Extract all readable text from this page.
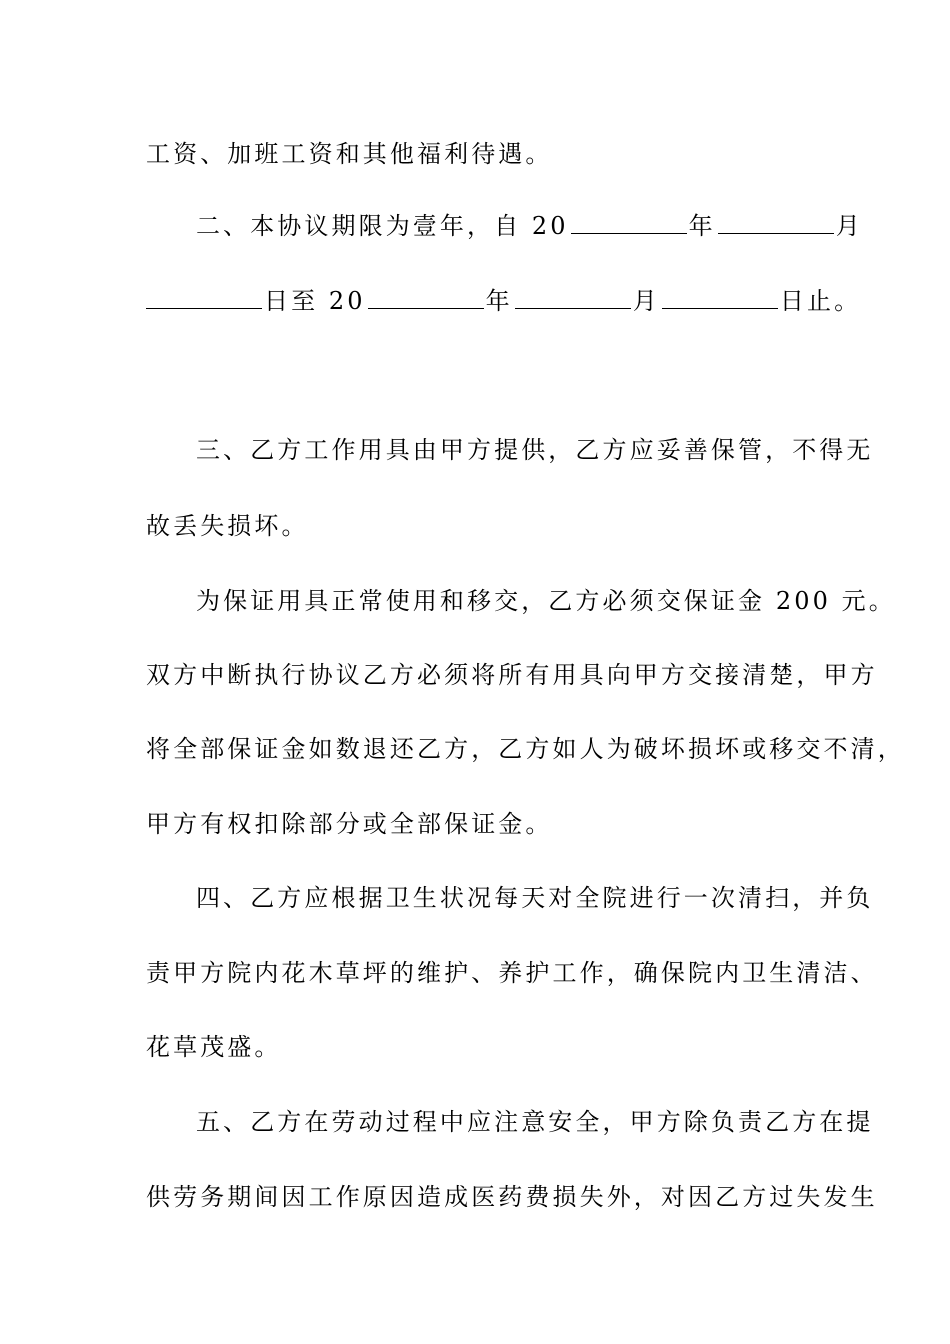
工资、加班工资和其他福利待遇。
二、本协议期限为壹年，自 20	年	月
日至 20	年	月	日止。
三、乙方工作用具由甲方提供，乙方应妥善保管，不得无
故丢失损坏。
为保证用具正常使用和移交，乙方必须交保证金 200 元。
双方中断执行协议乙方必须将所有用具向甲方交接清楚，甲方
将全部保证金如数退还乙方，乙方如人为破坏损坏或移交不清，
甲方有权扣除部分或全部保证金。
四、乙方应根据卫生状况每天对全院进行一次清扫，并负
责甲方院内花木草坪的维护、养护工作，确保院内卫生清洁、
花草茂盛。
五、乙方在劳动过程中应注意安全，甲方除负责乙方在提
供劳务期间因工作原因造成医药费损失外，对因乙方过失发生
